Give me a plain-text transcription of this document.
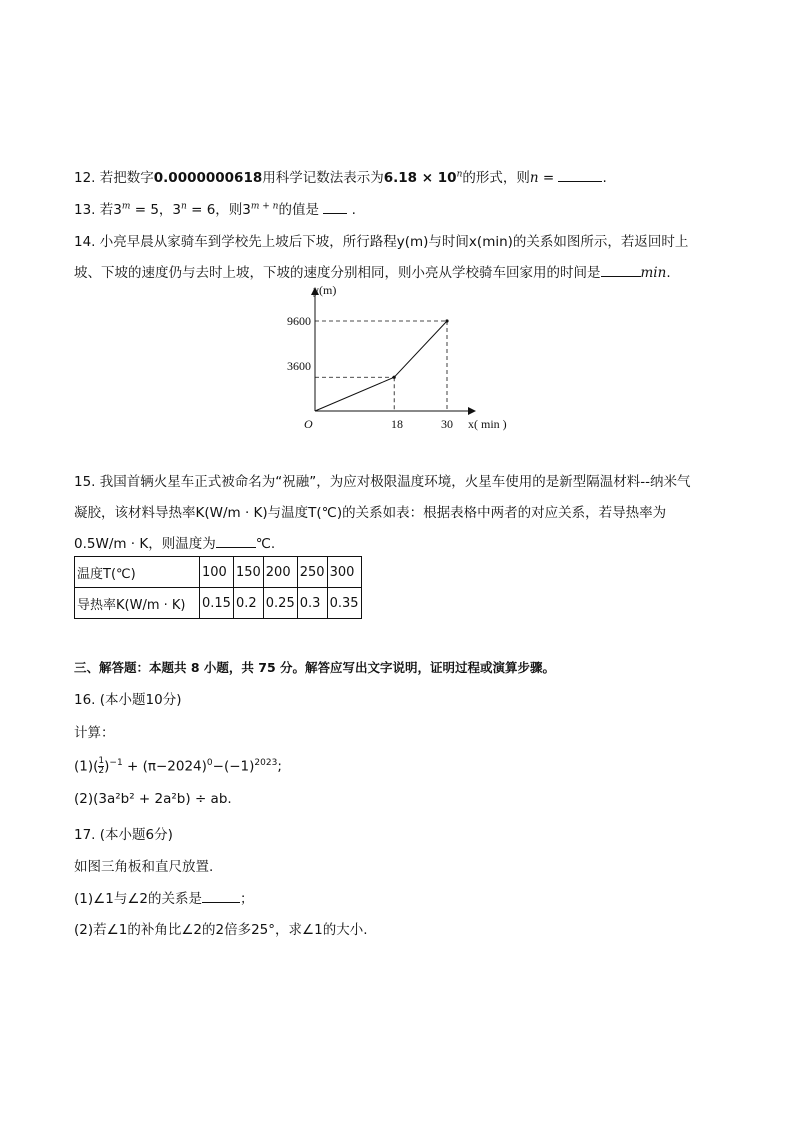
12. 若把数字0.0000000618用科学记数法表示为$6.18 \times 10^n$的形式，则n =	.
13. 若$3^m = 5$，$3^n = 6$，则$3^{m + n}$的值是 .
14. 小亮早晨从家骑车到学校先上坡后下坡，所行路程y(m)与时间x(min)的关系如图所示，若返回时上
坡、下坡的速度仍与去时上坡，下坡的速度分别相同，则小亮从学校骑车回家用的时间是	min.
y(m)
x( min )
O
9600
3600
18	30
15. 我国首辆火星车正式被命名为“祝融”，为应对极限温度环境，火星车使用的是新型隔温材料--纳米气
凝胶，该材料导热率K(W/m · K)与温度T(℃)的关系如表：根据表格中两者的对应关系，若导热率为
0.5W/m · K，则温度为	℃.
温度T(℃)	100	150	200	250	300
导热率K(W/m · K)	0.15	0.2	0.25	0.3	0.35
三、解答题：本题共 8 小题，共 75 分。解答应写出文字说明，证明过程或演算步骤。
16. (本小题10分)
计算：
$(1)( \frac{1}{2} )^{-1} + (\pi-2024)^0-(-1)^{2023}$;
(2)(3a²b² + 2a²b) ÷ ab.
17. (本小题6分)
如图三角板和直尺放置.
(1)∠1与∠2的关系是	；
(2)若∠1的补角比∠2的2倍多25°，求∠1的大小.
